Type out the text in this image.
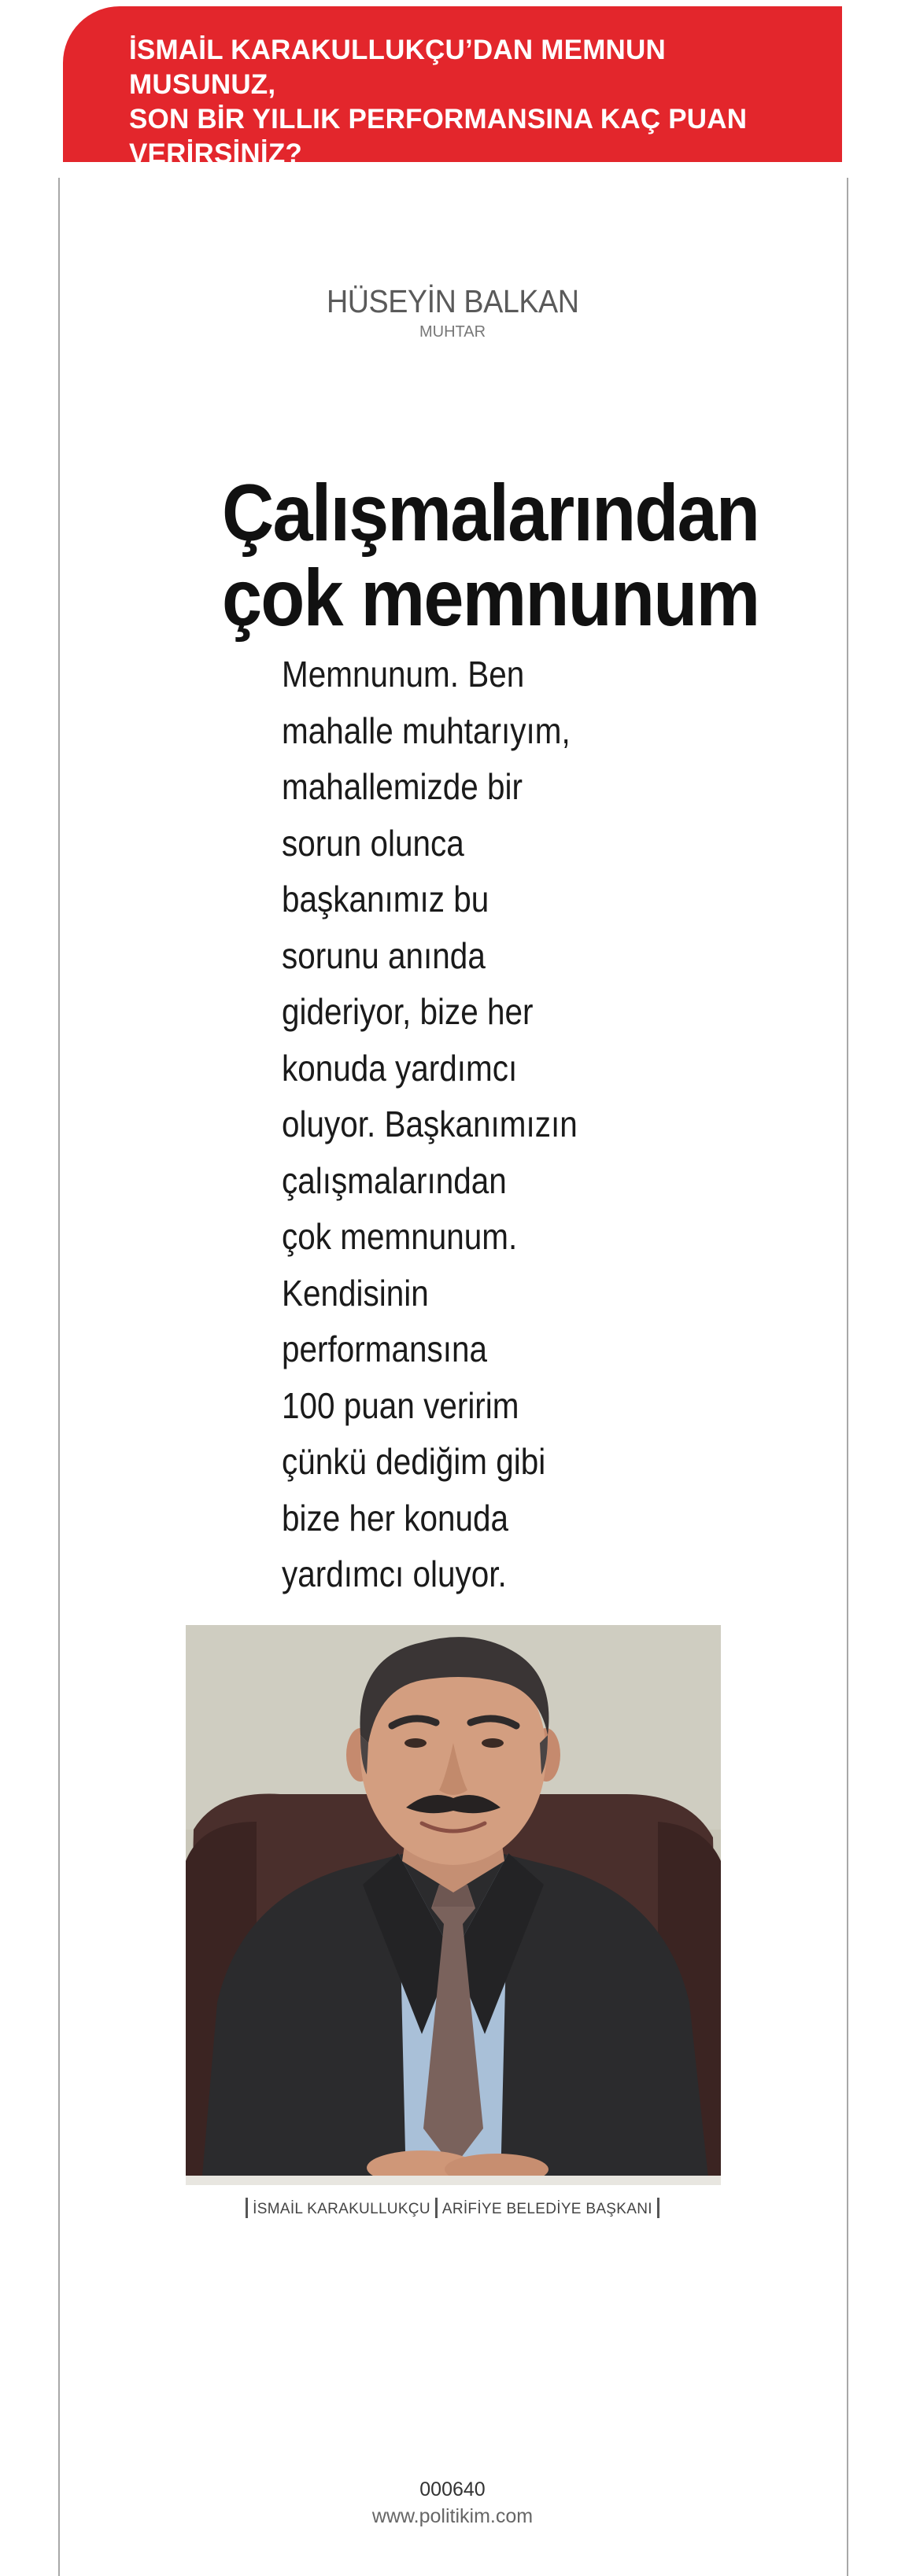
İSMAİL KARAKULLUKÇU’DAN MEMNUN MUSUNUZ,
SON BİR YILLIK PERFORMANSINA KAÇ PUAN
VERİRSİNİZ?

HÜSEYİN BALKAN
MUHTAR
Çalışmalarından
çok memnunum

Memnunum. Ben
mahalle muhtarıyım,
mahallemizde bir
sorun olunca
başkanımız bu
sorunu anında
gideriyor, bize her
konuda yardımcı
oluyor. Başkanımızın
çalışmalarından
çok memnunum.
Kendisinin
performansına
100 puan veririm
çünkü dediğim gibi
bize her konuda
yardımcı oluyor.

İSMAİL KARAKULLUKÇU ARİFİYE BELEDİYE BAŞKANI
000640
www.politikim.com
